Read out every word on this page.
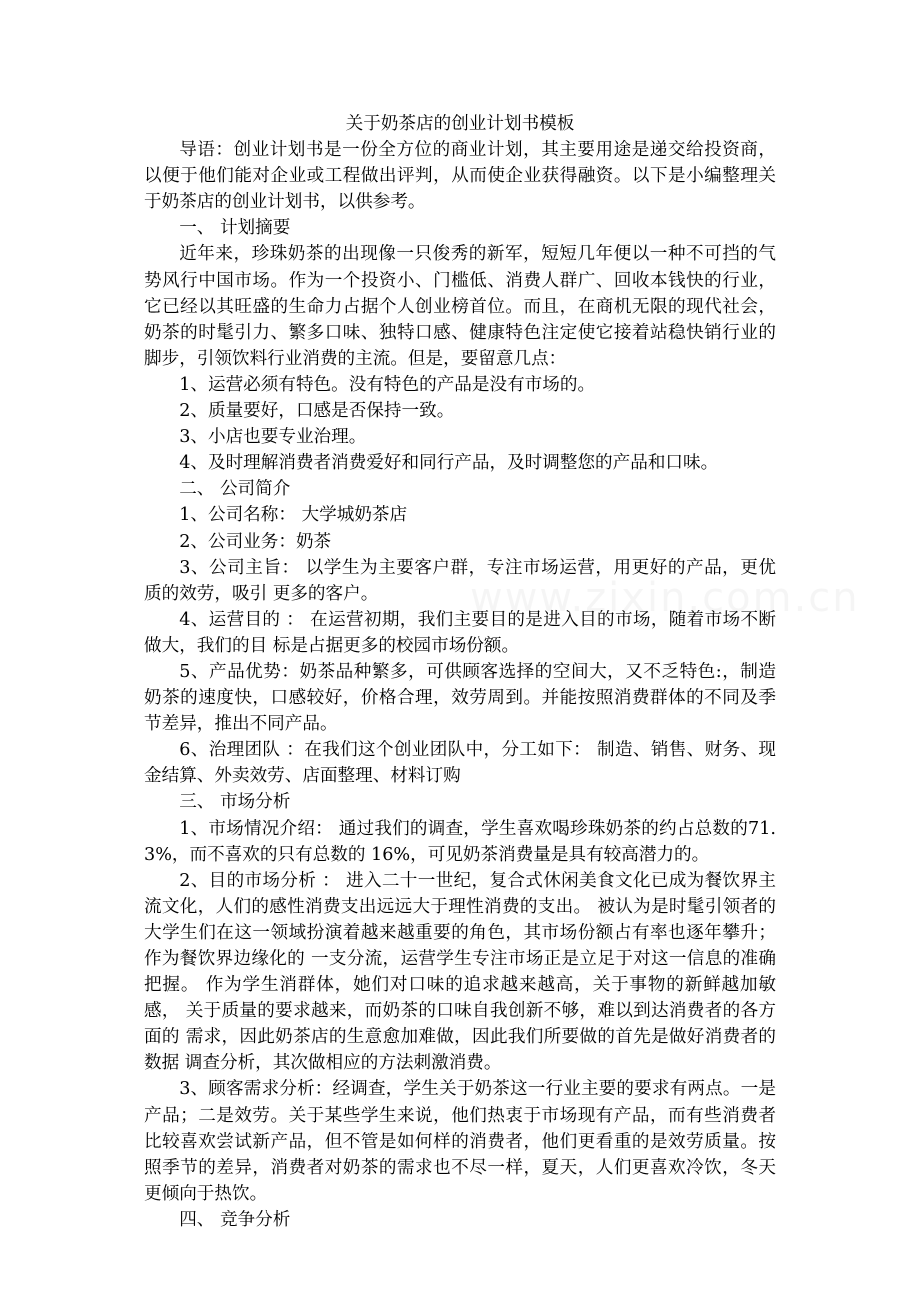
关于奶茶店的创业计划书模板

导语：创业计划书是一份全方位的商业计划，其主要用途是递交给投资商，以便于他们能对企业或工程做出评判，从而使企业获得融资。以下是小编整理关于奶茶店的创业计划书，以供参考。

一、 计划摘要

近年来，珍珠奶茶的出现像一只俊秀的新军，短短几年便以一种不可挡的气 势风行中国市场。作为一个投资小、门槛低、消费人群广、回收本钱快的行业，它已经以其旺盛的生命力占据个人创业榜首位。而且，在商机无限的现代社会， 奶茶的时髦引力、繁多口味、独特口感、健康特色注定使它接着站稳快销行业的 脚步，引领饮料行业消费的主流。但是，要留意几点：

1、运营必须有特色。没有特色的产品是没有市场的。

2、质量要好，口感是否保持一致。

3、小店也要专业治理。

4、及时理解消费者消费爱好和同行产品，及时调整您的产品和口味。

二、 公司简介

1、公司名称： 大学城奶茶店

2、公司业务：奶茶

3、公司主旨： 以学生为主要客户群，专注市场运营，用更好的产品，更优质的效劳，吸引 更多的客户。

4、运营目的 ： 在运营初期，我们主要目的是进入目的市场，随着市场不断做大，我们的目 标是占据更多的校园市场份额。

5、产品优势：奶茶品种繁多，可供顾客选择的空间大，又不乏特色:，制造奶茶的速度快，口感较好，价格合理，效劳周到。并能按照消费群体的不同及季节差异，推出不同产品。

6、治理团队 ：在我们这个创业团队中，分工如下： 制造、销售、财务、现金结算、外卖效劳、店面整理、材料订购

三、 市场分析

1、市场情况介绍： 通过我们的调查，学生喜欢喝珍珠奶茶的约占总数的71.3%，而不喜欢的只有总数的 16%，可见奶茶消费量是具有较高潜力的。

2、目的市场分析 ： 进入二十一世纪，复合式休闲美食文化已成为餐饮界主流文化，人们的感性消费支出远远大于理性消费的支出。 被认为是时髦引领者的大学生们在这一领域扮演着越来越重要的角色，其市场份额占有率也逐年攀升；作为餐饮界边缘化的 一支分流，运营学生专注市场正是立足于对这一信息的准确把握。 作为学生消群体，她们对口味的追求越来越高，关于事物的新鲜越加敏感， 关于质量的要求越来，而奶茶的口味自我创新不够，难以到达消费者的各方面的 需求，因此奶茶店的生意愈加难做，因此我们所要做的首先是做好消费者的数据 调查分析，其次做相应的方法刺激消费。

3、顾客需求分析：经调查，学生关于奶茶这一行业主要的要求有两点。一是产品；二是效劳。关于某些学生来说，他们热衷于市场现有产品，而有些消费者比较喜欢尝试新产品，但不管是如何样的消费者，他们更看重的是效劳质量。按照季节的差异，消费者对奶茶的需求也不尽一样，夏天，人们更喜欢冷饮，冬天更倾向于热饮。

四、 竞争分析
